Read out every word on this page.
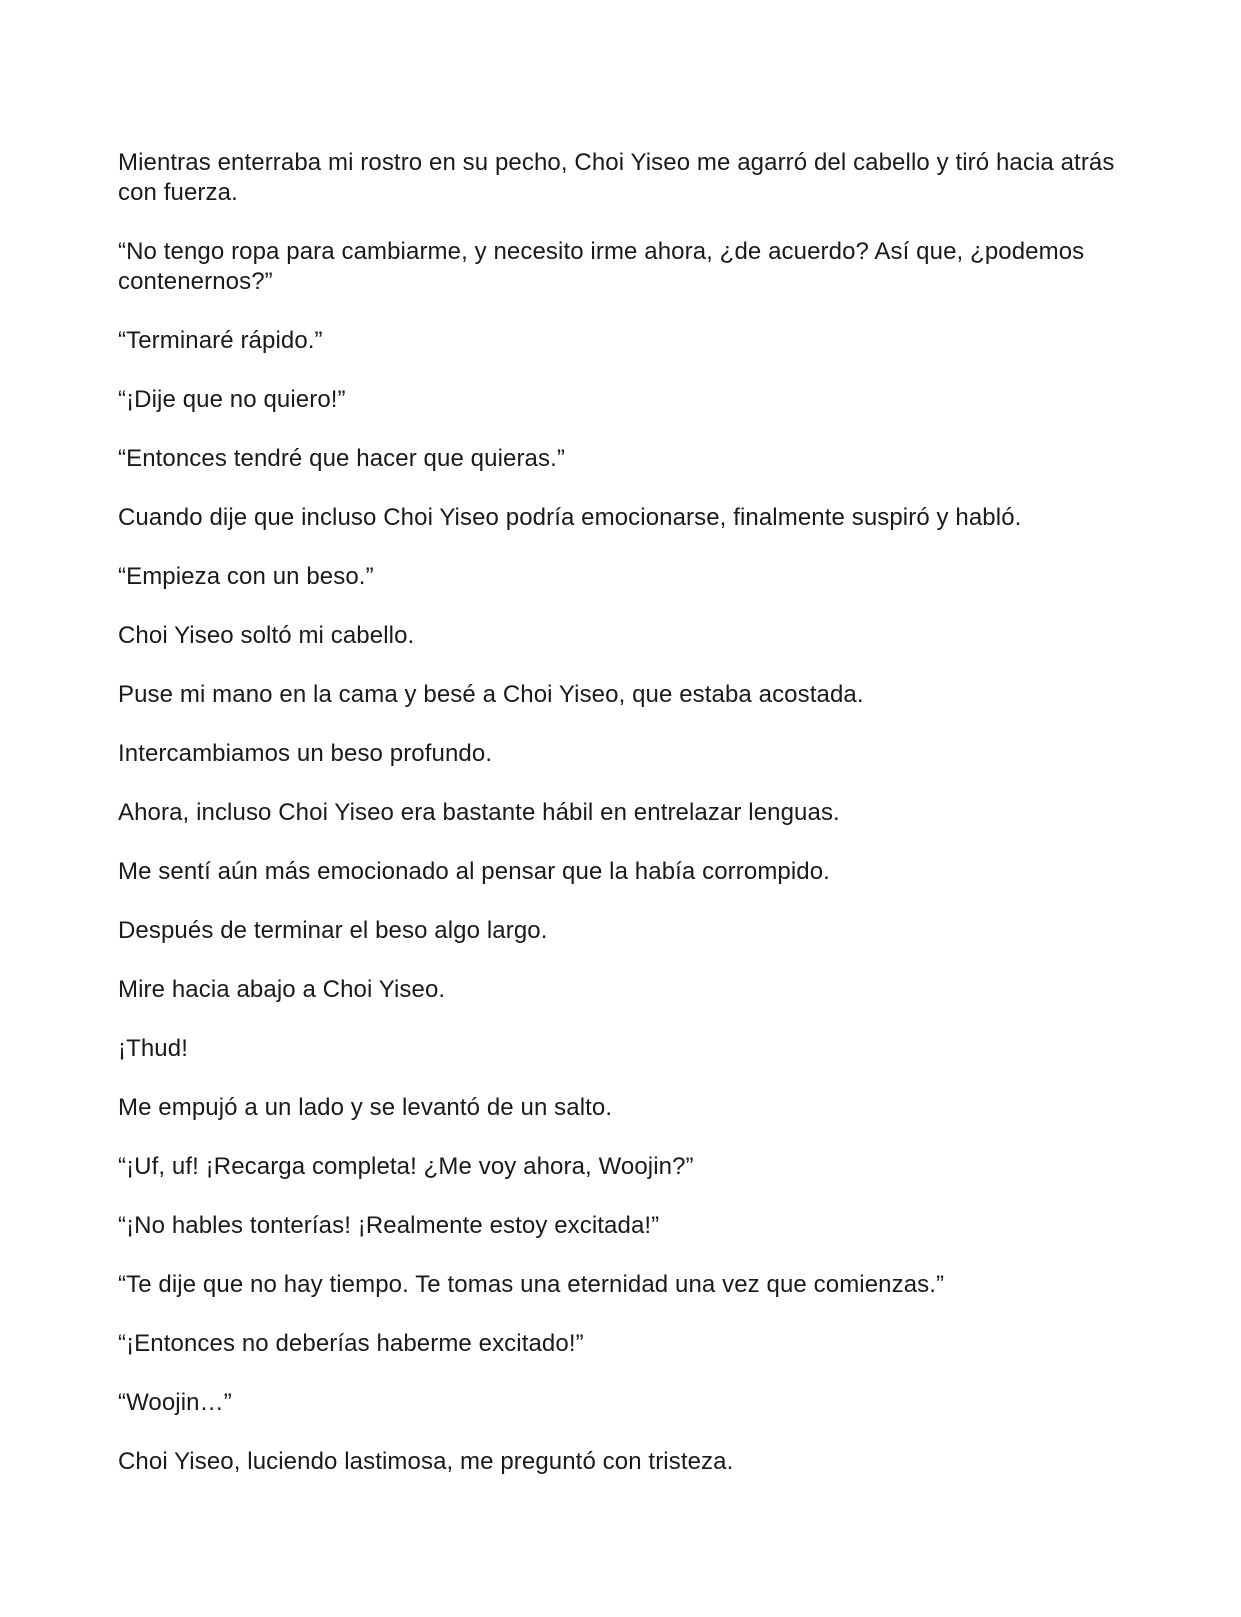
Mientras enterraba mi rostro en su pecho, Choi Yiseo me agarró del cabello y tiró hacia atrás con fuerza.

“No tengo ropa para cambiarme, y necesito irme ahora, ¿de acuerdo? Así que, ¿podemos contenernos?”

“Terminaré rápido.”

“¡Dije que no quiero!”

“Entonces tendré que hacer que quieras.”

Cuando dije que incluso Choi Yiseo podría emocionarse, finalmente suspiró y habló.

“Empieza con un beso.”

Choi Yiseo soltó mi cabello.

Puse mi mano en la cama y besé a Choi Yiseo, que estaba acostada.

Intercambiamos un beso profundo.

Ahora, incluso Choi Yiseo era bastante hábil en entrelazar lenguas.

Me sentí aún más emocionado al pensar que la había corrompido.

Después de terminar el beso algo largo.

Mire hacia abajo a Choi Yiseo.

¡Thud!

Me empujó a un lado y se levantó de un salto.

“¡Uf, uf! ¡Recarga completa! ¿Me voy ahora, Woojin?”

“¡No hables tonterías! ¡Realmente estoy excitada!”

“Te dije que no hay tiempo. Te tomas una eternidad una vez que comienzas.”

“¡Entonces no deberías haberme excitado!”

“Woojin…”

Choi Yiseo, luciendo lastimosa, me preguntó con tristeza.
